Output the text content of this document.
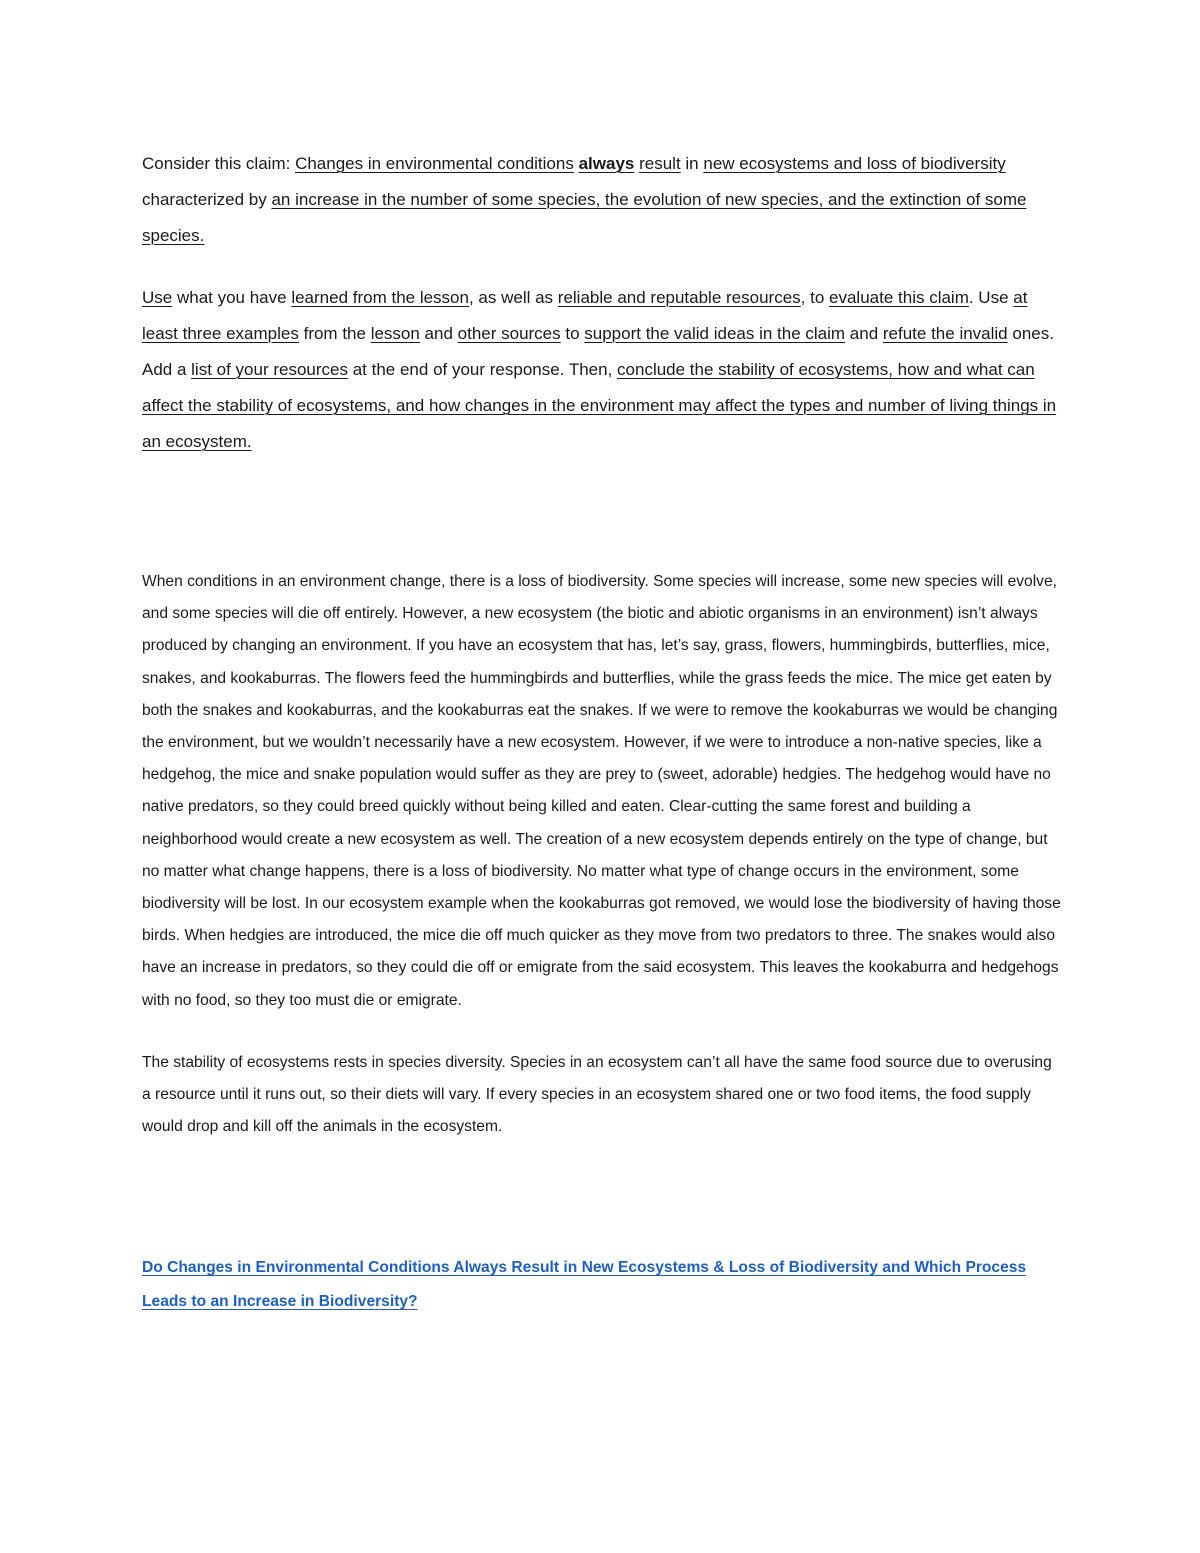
Consider this claim: Changes in environmental conditions always result in new ecosystems and loss of biodiversity characterized by an increase in the number of some species, the evolution of new species, and the extinction of some species.

Use what you have learned from the lesson, as well as reliable and reputable resources, to evaluate this claim. Use at least three examples from the lesson and other sources to support the valid ideas in the claim and refute the invalid ones. Add a list of your resources at the end of your response. Then, conclude the stability of ecosystems, how and what can affect the stability of ecosystems, and how changes in the environment may affect the types and number of living things in an ecosystem.

When conditions in an environment change, there is a loss of biodiversity. Some species will increase, some new species will evolve, and some species will die off entirely. However, a new ecosystem (the biotic and abiotic organisms in an environment) isn’t always produced by changing an environment. If you have an ecosystem that has, let’s say, grass, flowers, hummingbirds, butterflies, mice, snakes, and kookaburras. The flowers feed the hummingbirds and butterflies, while the grass feeds the mice. The mice get eaten by both the snakes and kookaburras, and the kookaburras eat the snakes. If we were to remove the kookaburras we would be changing the environment, but we wouldn’t necessarily have a new ecosystem. However, if we were to introduce a non-native species, like a hedgehog, the mice and snake population would suffer as they are prey to (sweet, adorable) hedgies. The hedgehog would have no native predators, so they could breed quickly without being killed and eaten. Clear-cutting the same forest and building a neighborhood would create a new ecosystem as well. The creation of a new ecosystem depends entirely on the type of change, but no matter what change happens, there is a loss of biodiversity. No matter what type of change occurs in the environment, some biodiversity will be lost. In our ecosystem example when the kookaburras got removed, we would lose the biodiversity of having those birds. When hedgies are introduced, the mice die off much quicker as they move from two predators to three. The snakes would also have an increase in predators, so they could die off or emigrate from the said ecosystem. This leaves the kookaburra and hedgehogs with no food, so they too must die or emigrate.

The stability of ecosystems rests in species diversity. Species in an ecosystem can’t all have the same food source due to overusing a resource until it runs out, so their diets will vary. If every species in an ecosystem shared one or two food items, the food supply would drop and kill off the animals in the ecosystem.

Do Changes in Environmental Conditions Always Result in New Ecosystems & Loss of Biodiversity and Which Process Leads to an Increase in Biodiversity?
